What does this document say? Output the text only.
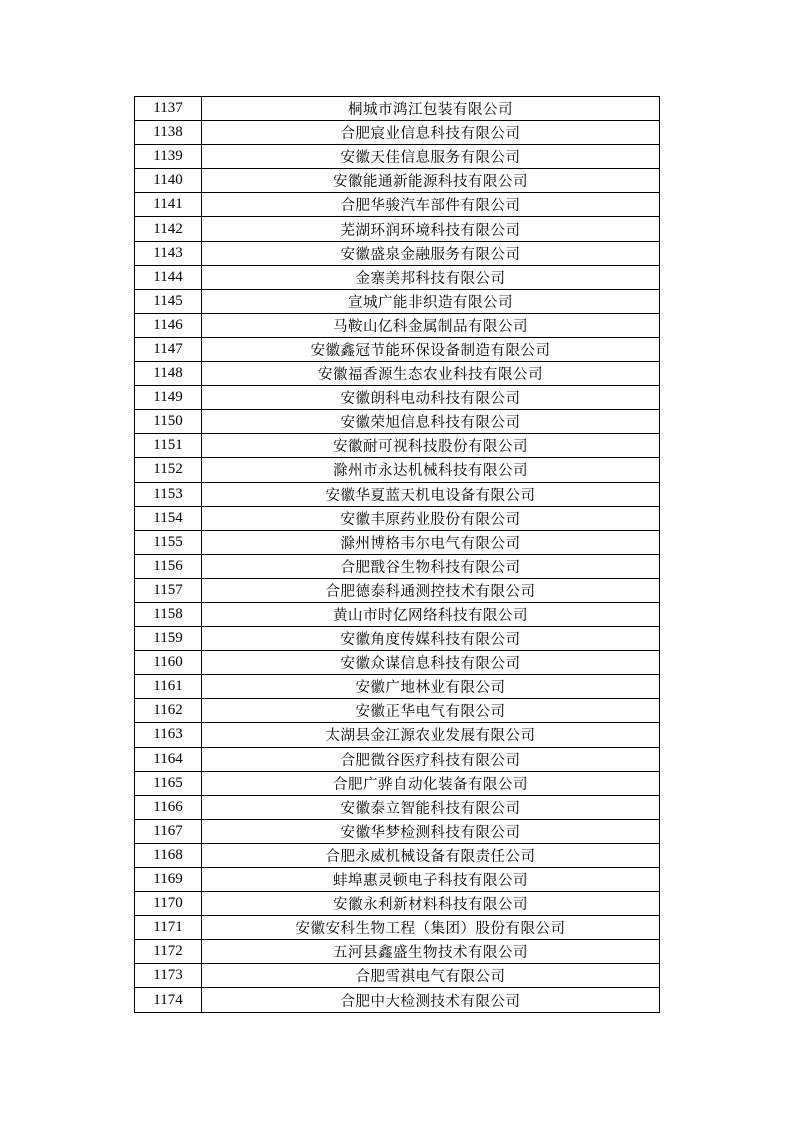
1137	桐城市鸿江包装有限公司
1138	合肥宸业信息科技有限公司
1139	安徽天佳信息服务有限公司
1140	安徽能通新能源科技有限公司
1141	合肥华骏汽车部件有限公司
1142	芜湖环润环境科技有限公司
1143	安徽盛泉金融服务有限公司
1144	金寨美邦科技有限公司
1145	宣城广能非织造有限公司
1146	马鞍山亿科金属制品有限公司
1147	安徽鑫冠节能环保设备制造有限公司
1148	安徽福香源生态农业科技有限公司
1149	安徽朗科电动科技有限公司
1150	安徽荣旭信息科技有限公司
1151	安徽耐可视科技股份有限公司
1152	滁州市永达机械科技有限公司
1153	安徽华夏蓝天机电设备有限公司
1154	安徽丰原药业股份有限公司
1155	滁州博格韦尔电气有限公司
1156	合肥戬谷生物科技有限公司
1157	合肥德泰科通测控技术有限公司
1158	黄山市时亿网络科技有限公司
1159	安徽角度传媒科技有限公司
1160	安徽众谋信息科技有限公司
1161	安徽广地林业有限公司
1162	安徽正华电气有限公司
1163	太湖县金江源农业发展有限公司
1164	合肥微谷医疗科技有限公司
1165	合肥广骅自动化装备有限公司
1166	安徽泰立智能科技有限公司
1167	安徽华梦检测科技有限公司
1168	合肥永威机械设备有限责任公司
1169	蚌埠惠灵顿电子科技有限公司
1170	安徽永利新材料科技有限公司
1171	安徽安科生物工程（集团）股份有限公司
1172	五河县鑫盛生物技术有限公司
1173	合肥雪祺电气有限公司
1174	合肥中大检测技术有限公司
